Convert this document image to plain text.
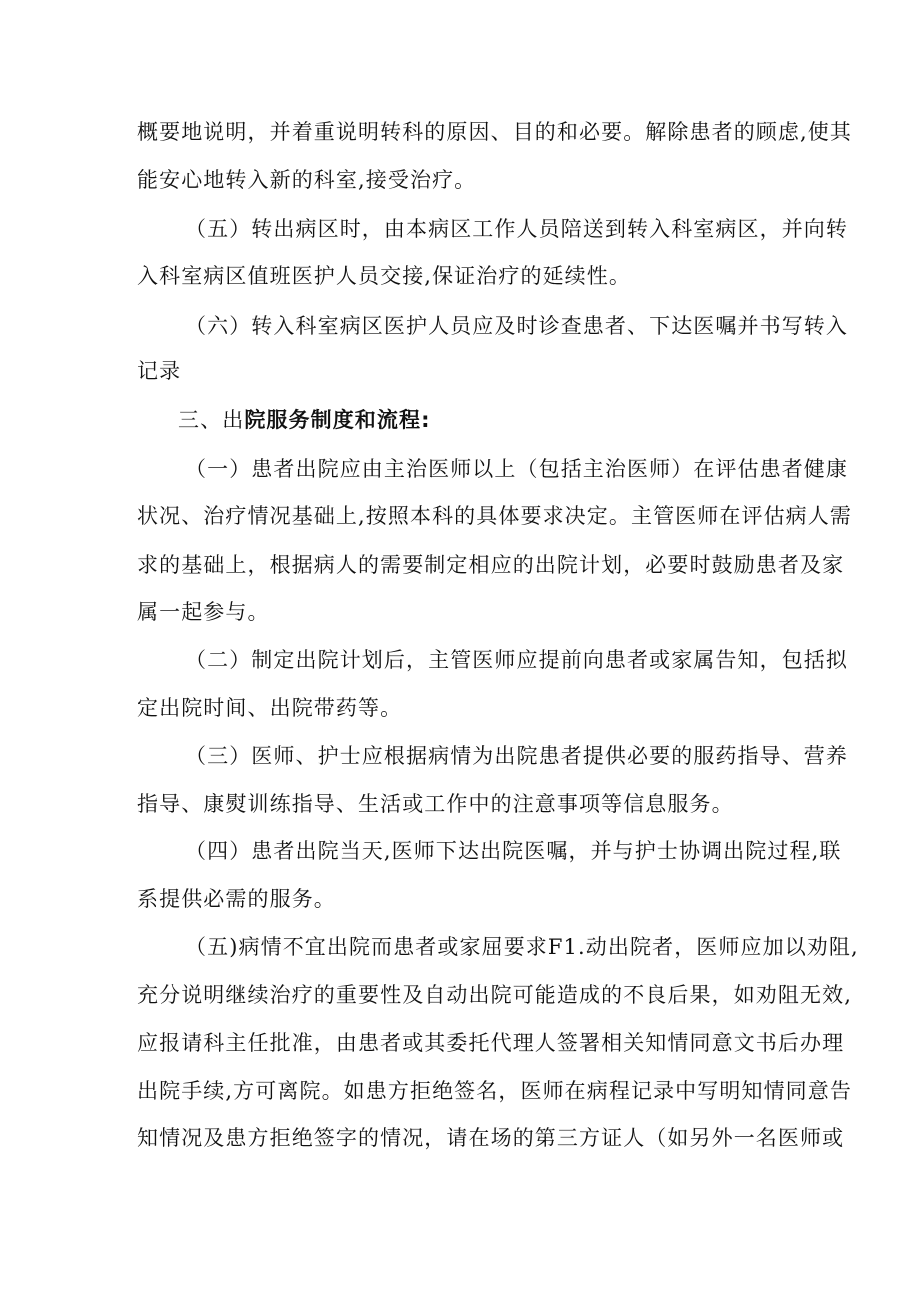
概要地说明，并着重说明转科的原因、目的和必要。解除患者的顾虑,使其
能安心地转入新的科室,接受治疗。
（五）转出病区时，由本病区工作人员陪送到转入科室病区，并向转
入科室病区值班医护人员交接,保证治疗的延续性。
（六）转入科室病区医护人员应及时诊查患者、下达医嘱并书写转入
记录
三、出院服务制度和流程:
（一）患者出院应由主治医师以上（包括主治医师）在评估患者健康
状况、治疗情况基础上,按照本科的具体要求决定。主管医师在评估病人需
求的基础上，根据病人的需要制定相应的出院计划，必要时鼓励患者及家
属一起参与。
（二）制定出院计划后，主管医师应提前向患者或家属告知，包括拟
定出院时间、出院带药等。
（三）医师、护士应根据病情为出院患者提供必要的服药指导、营养
指导、康熨训练指导、生活或工作中的注意事项等信息服务。
（四）患者出院当天,医师下达出院医嘱，并与护士协调出院过程,联
系提供必需的服务。
（五)病情不宜出院而患者或家屈要求F1.动出院者，医师应加以劝阻,
充分说明继续治疗的重要性及自动出院可能造成的不良后果，如劝阻无效,
应报请科主任批准，由患者或其委托代理人签署相关知情同意文书后办理
出院手续,方可离院。如患方拒绝签名，医师在病程记录中写明知情同意告
知情况及患方拒绝签字的情况，请在场的第三方证人（如另外一名医师或
